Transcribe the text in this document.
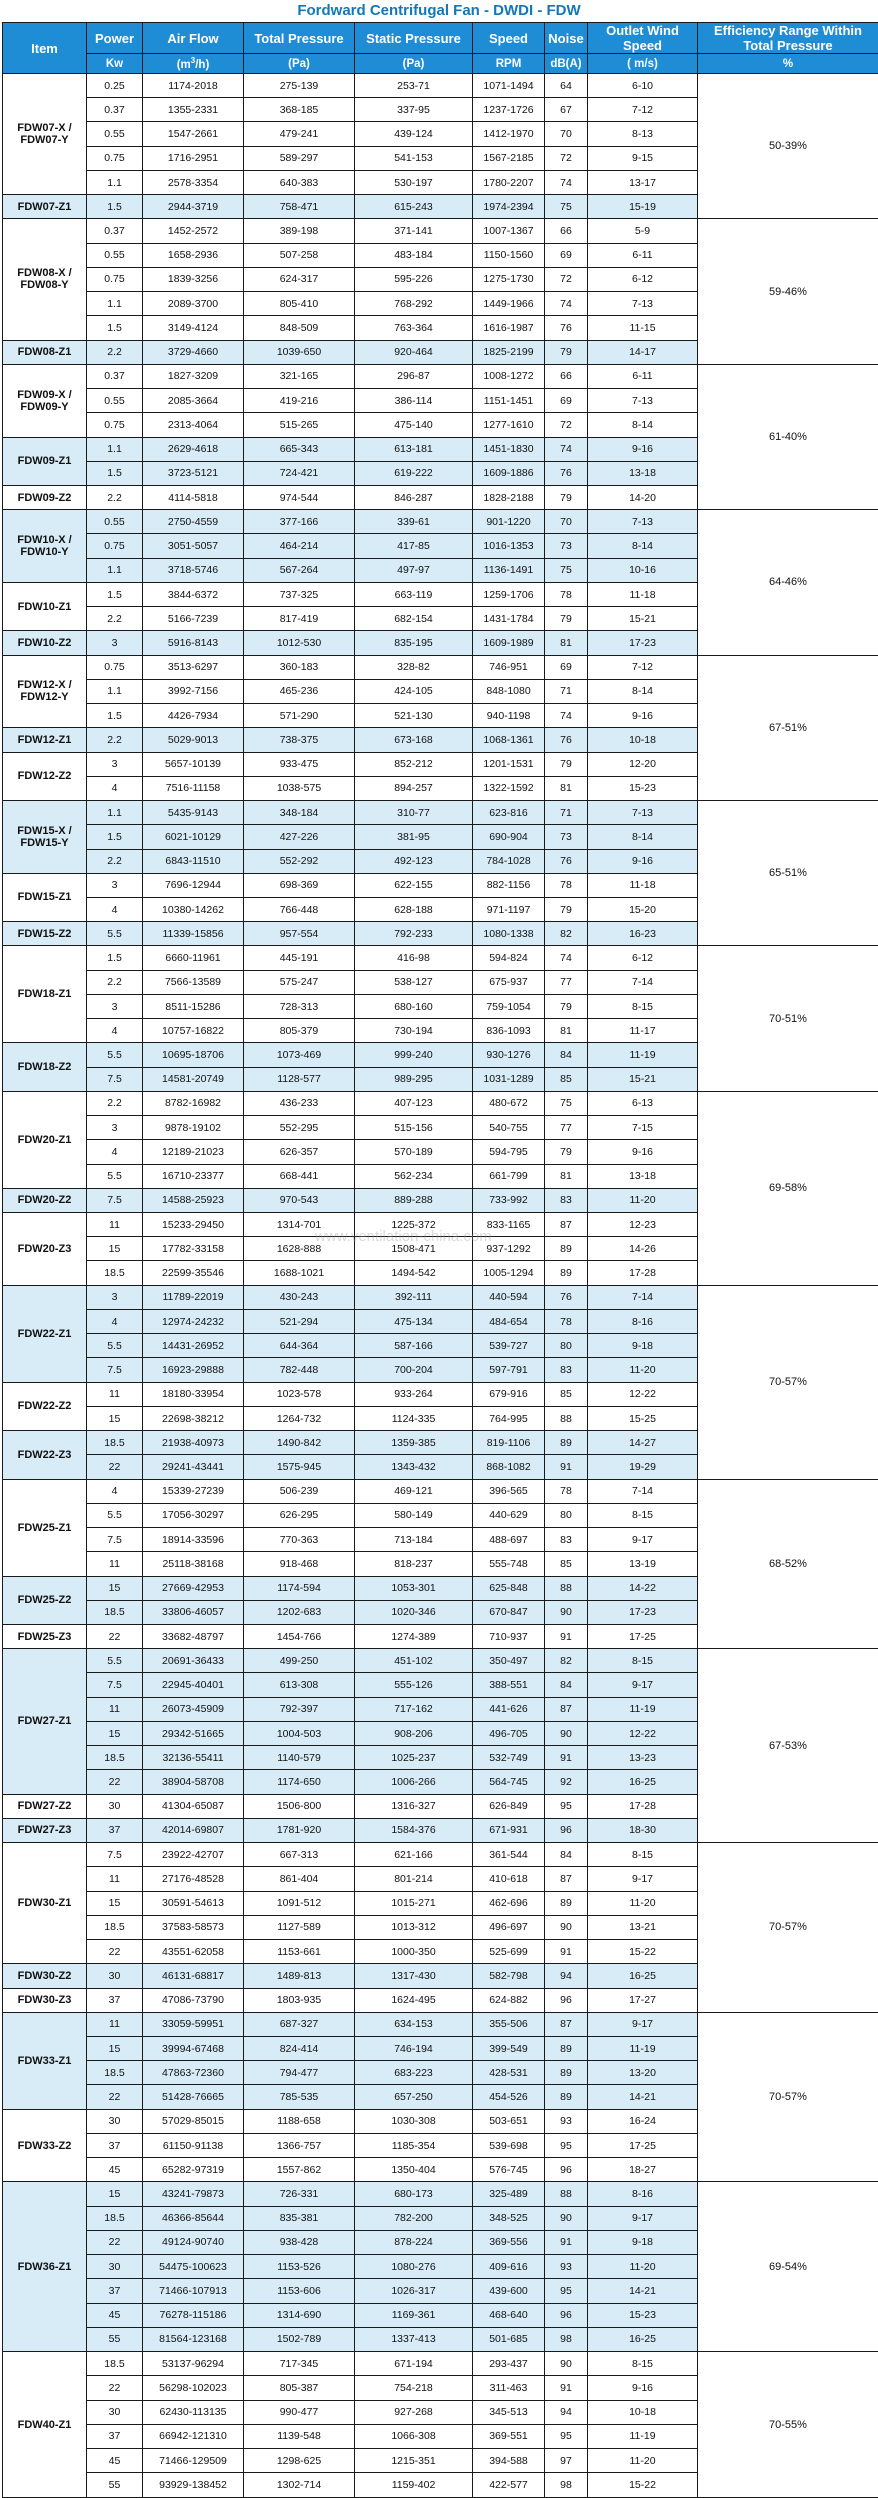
Fordward Centrifugal Fan - DWDI - FDW
Item	Power	Air Flow	Total Pressure	Static Pressure	Speed	Noise	Outlet Wind Speed	Efficiency Range Within Total Pressure
	Kw	$(m^3/h)$	(Pa)	(Pa)	RPM	dB(A)	( m/s)	%
FDW07-X / FDW07-Y	0.25	1174-2018	275-139	253-71	1071-1494	64	6-10	50-39%
	0.37	1355-2331	368-185	337-95	1237-1726	67	7-12	
	0.55	1547-2661	479-241	439-124	1412-1970	70	8-13	
	0.75	1716-2951	589-297	541-153	1567-2185	72	9-15	
	1.1	2578-3354	640-383	530-197	1780-2207	74	13-17	
FDW07-Z1	1.5	2944-3719	758-471	615-243	1974-2394	75	15-19	
FDW08-X / FDW08-Y	0.37	1452-2572	389-198	371-141	1007-1367	66	5-9	59-46%
	0.55	1658-2936	507-258	483-184	1150-1560	69	6-11	
	0.75	1839-3256	624-317	595-226	1275-1730	72	6-12	
	1.1	2089-3700	805-410	768-292	1449-1966	74	7-13	
	1.5	3149-4124	848-509	763-364	1616-1987	76	11-15	
FDW08-Z1	2.2	3729-4660	1039-650	920-464	1825-2199	79	14-17	
FDW09-X / FDW09-Y	0.37	1827-3209	321-165	296-87	1008-1272	66	6-11	61-40%
	0.55	2085-3664	419-216	386-114	1151-1451	69	7-13	
	0.75	2313-4064	515-265	475-140	1277-1610	72	8-14	
FDW09-Z1	1.1	2629-4618	665-343	613-181	1451-1830	74	9-16	
	1.5	3723-5121	724-421	619-222	1609-1886	76	13-18	
FDW09-Z2	2.2	4114-5818	974-544	846-287	1828-2188	79	14-20	
FDW10-X / FDW10-Y	0.55	2750-4559	377-166	339-61	901-1220	70	7-13	64-46%
	0.75	3051-5057	464-214	417-85	1016-1353	73	8-14	
	1.1	3718-5746	567-264	497-97	1136-1491	75	10-16	
FDW10-Z1	1.5	3844-6372	737-325	663-119	1259-1706	78	11-18	
	2.2	5166-7239	817-419	682-154	1431-1784	79	15-21	
FDW10-Z2	3	5916-8143	1012-530	835-195	1609-1989	81	17-23	
FDW12-X / FDW12-Y	0.75	3513-6297	360-183	328-82	746-951	69	7-12	67-51%
	1.1	3992-7156	465-236	424-105	848-1080	71	8-14	
	1.5	4426-7934	571-290	521-130	940-1198	74	9-16	
FDW12-Z1	2.2	5029-9013	738-375	673-168	1068-1361	76	10-18	
FDW12-Z2	3	5657-10139	933-475	852-212	1201-1531	79	12-20	
	4	7516-11158	1038-575	894-257	1322-1592	81	15-23	
FDW15-X / FDW15-Y	1.1	5435-9143	348-184	310-77	623-816	71	7-13	65-51%
	1.5	6021-10129	427-226	381-95	690-904	73	8-14	
	2.2	6843-11510	552-292	492-123	784-1028	76	9-16	
FDW15-Z1	3	7696-12944	698-369	622-155	882-1156	78	11-18	
	4	10380-14262	766-448	628-188	971-1197	79	15-20	
FDW15-Z2	5.5	11339-15856	957-554	792-233	1080-1338	82	16-23	
FDW18-Z1	1.5	6660-11961	445-191	416-98	594-824	74	6-12	70-51%
	2.2	7566-13589	575-247	538-127	675-937	77	7-14	
	3	8511-15286	728-313	680-160	759-1054	79	8-15	
	4	10757-16822	805-379	730-194	836-1093	81	11-17	
FDW18-Z2	5.5	10695-18706	1073-469	999-240	930-1276	84	11-19	
	7.5	14581-20749	1128-577	989-295	1031-1289	85	15-21	
FDW20-Z1	2.2	8782-16982	436-233	407-123	480-672	75	6-13	69-58%
	3	9878-19102	552-295	515-156	540-755	77	7-15	
	4	12189-21023	626-357	570-189	594-795	79	9-16	
	5.5	16710-23377	668-441	562-234	661-799	81	13-18	
FDW20-Z2	7.5	14588-25923	970-543	889-288	733-992	83	11-20	
FDW20-Z3	11	15233-29450	1314-701	1225-372	833-1165	87	12-23	
	15	17782-33158	1628-888	1508-471	937-1292	89	14-26	
	18.5	22599-35546	1688-1021	1494-542	1005-1294	89	17-28	
FDW22-Z1	3	11789-22019	430-243	392-111	440-594	76	7-14	70-57%
	4	12974-24232	521-294	475-134	484-654	78	8-16	
	5.5	14431-26952	644-364	587-166	539-727	80	9-18	
	7.5	16923-29888	782-448	700-204	597-791	83	11-20	
FDW22-Z2	11	18180-33954	1023-578	933-264	679-916	85	12-22	
	15	22698-38212	1264-732	1124-335	764-995	88	15-25	
FDW22-Z3	18.5	21938-40973	1490-842	1359-385	819-1106	89	14-27	
	22	29241-43441	1575-945	1343-432	868-1082	91	19-29	
FDW25-Z1	4	15339-27239	506-239	469-121	396-565	78	7-14	68-52%
	5.5	17056-30297	626-295	580-149	440-629	80	8-15	
	7.5	18914-33596	770-363	713-184	488-697	83	9-17	
	11	25118-38168	918-468	818-237	555-748	85	13-19	
FDW25-Z2	15	27669-42953	1174-594	1053-301	625-848	88	14-22	
	18.5	33806-46057	1202-683	1020-346	670-847	90	17-23	
FDW25-Z3	22	33682-48797	1454-766	1274-389	710-937	91	17-25	
FDW27-Z1	5.5	20691-36433	499-250	451-102	350-497	82	8-15	67-53%
	7.5	22945-40401	613-308	555-126	388-551	84	9-17	
	11	26073-45909	792-397	717-162	441-626	87	11-19	
	15	29342-51665	1004-503	908-206	496-705	90	12-22	
	18.5	32136-55411	1140-579	1025-237	532-749	91	13-23	
	22	38904-58708	1174-650	1006-266	564-745	92	16-25	
FDW27-Z2	30	41304-65087	1506-800	1316-327	626-849	95	17-28	
FDW27-Z3	37	42014-69807	1781-920	1584-376	671-931	96	18-30	
FDW30-Z1	7.5	23922-42707	667-313	621-166	361-544	84	8-15	70-57%
	11	27176-48528	861-404	801-214	410-618	87	9-17	
	15	30591-54613	1091-512	1015-271	462-696	89	11-20	
	18.5	37583-58573	1127-589	1013-312	496-697	90	13-21	
	22	43551-62058	1153-661	1000-350	525-699	91	15-22	
FDW30-Z2	30	46131-68817	1489-813	1317-430	582-798	94	16-25	
FDW30-Z3	37	47086-73790	1803-935	1624-495	624-882	96	17-27	
FDW33-Z1	11	33059-59951	687-327	634-153	355-506	87	9-17	70-57%
	15	39994-67468	824-414	746-194	399-549	89	11-19	
	18.5	47863-72360	794-477	683-223	428-531	89	13-20	
	22	51428-76665	785-535	657-250	454-526	89	14-21	
FDW33-Z2	30	57029-85015	1188-658	1030-308	503-651	93	16-24	
	37	61150-91138	1366-757	1185-354	539-698	95	17-25	
	45	65282-97319	1557-862	1350-404	576-745	96	18-27	
FDW36-Z1	15	43241-79873	726-331	680-173	325-489	88	8-16	69-54%
	18.5	46366-85644	835-381	782-200	348-525	90	9-17	
	22	49124-90740	938-428	878-224	369-556	91	9-18	
	30	54475-100623	1153-526	1080-276	409-616	93	11-20	
	37	71466-107913	1153-606	1026-317	439-600	95	14-21	
	45	76278-115186	1314-690	1169-361	468-640	96	15-23	
	55	81564-123168	1502-789	1337-413	501-685	98	16-25	
FDW40-Z1	18.5	53137-96294	717-345	671-194	293-437	90	8-15	70-55%
	22	56298-102023	805-387	754-218	311-463	91	9-16	
	30	62430-113135	990-477	927-268	345-513	94	10-18	
	37	66942-121310	1139-548	1066-308	369-551	95	11-19	
	45	71466-129509	1298-625	1215-351	394-588	97	11-20	
	55	93929-138452	1302-714	1159-402	422-577	98	15-22	
www.ventilation-china.com
